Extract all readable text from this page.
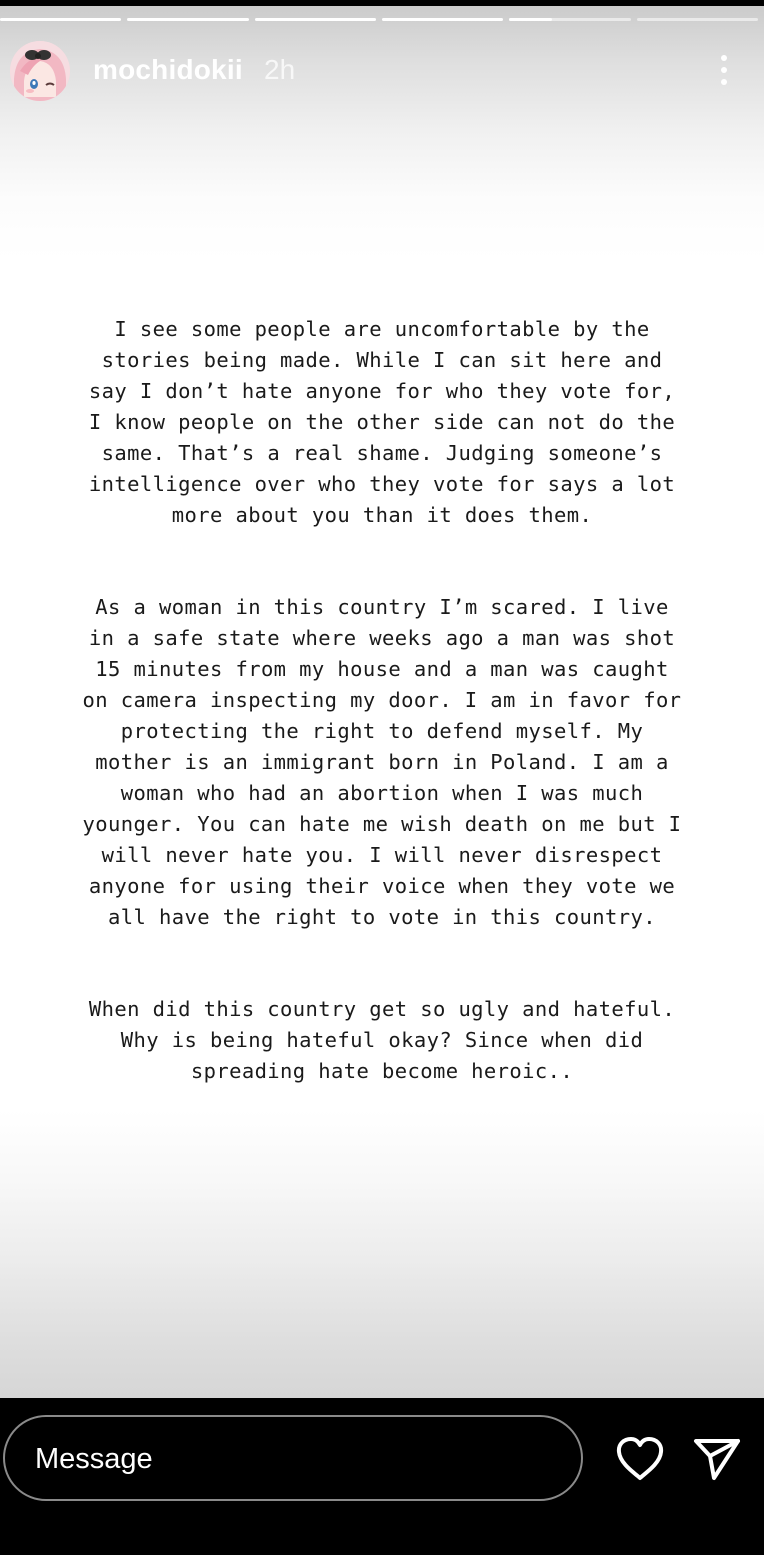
mochidokii 2h
I see some people are uncomfortable by the
stories being made. While I can sit here and
say I don’t hate anyone for who they vote for,
I know people on the other side can not do the
same. That’s a real shame. Judging someone’s
intelligence over who they vote for says a lot
more about you than it does them.
As a woman in this country I’m scared. I live
in a safe state where weeks ago a man was shot
15 minutes from my house and a man was caught
on camera inspecting my door. I am in favor for
protecting the right to defend myself. My
mother is an immigrant born in Poland. I am a
woman who had an abortion when I was much
younger. You can hate me wish death on me but I
will never hate you. I will never disrespect
anyone for using their voice when they vote we
all have the right to vote in this country.
When did this country get so ugly and hateful.
Why is being hateful okay? Since when did
spreading hate become heroic..
Message
